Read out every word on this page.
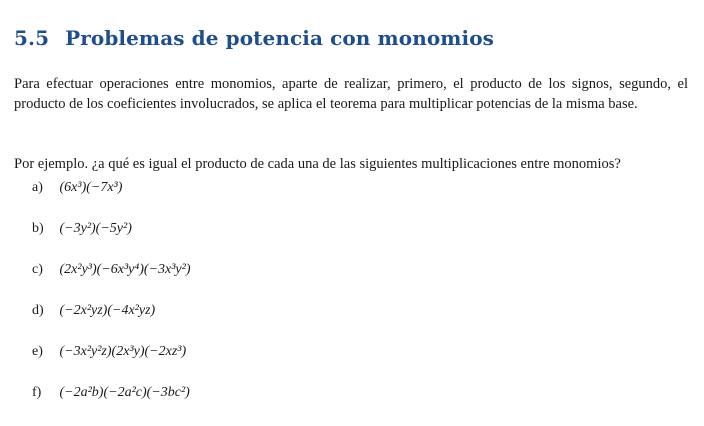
5.5 Problemas de potencia con monomios

Para efectuar operaciones entre monomios, aparte de realizar, primero, el producto de los signos, segundo, el producto de los coeficientes involucrados, se aplica el teorema para multiplicar potencias de la misma base.

Por ejemplo. ¿a qué es igual el producto de cada una de las siguientes multiplicaciones entre monomios?

a) (6x³)(−7x³)
b) (−3y²)(−5y²)
c) (2x²y³)(−6x³y⁴)(−3x³y²)
d) (−2x²yz)(−4x²yz)
e) (−3x²y²z)(2x³y)(−2xz³)
f) (−2a²b)(−2a²c)(−3bc²)
